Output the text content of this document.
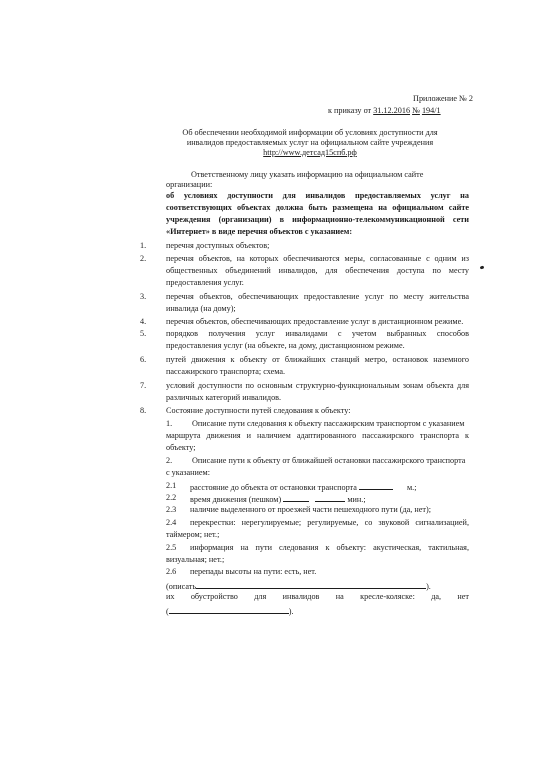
Приложение № 2
к приказу от 31.12.2016 № 194/1
Об обеспечении необходимой информации об условиях доступности для
инвалидов предоставляемых услуг на официальном сайте учреждения
http://www.детсад15спб.рф
Ответственному лицу указать информацию на официальном сайте
организации:
об условиях доступности для инвалидов предоставляемых услуг на
соответствующих объектах должна быть размещена на официальном сайте
учреждения (организации) в информационно-телекоммуникационной сети
«Интернет» в виде перечня объектов с указанием:
1. перечня доступных объектов;
2. перечня объектов, на которых обеспечиваются меры, согласованные с одним из
общественных объединений инвалидов, для обеспечения доступа по месту
предоставления услуг.
3. перечня объектов, обеспечивающих предоставление услуг по месту жительства
инвалида (на дому);
4. перечня объектов, обеспечивающих предоставление услуг в дистанционном режиме.
5. порядков получения услуг инвалидами с учетом выбранных способов
предоставления услуг (на объекте, на дому, дистанционном режиме.
6. путей движения к объекту от ближайших станций метро, остановок наземного
пассажирского транспорта; схема.
7. условий доступности по основным структурно-функциональным зонам объекта для
различных категорий инвалидов.
8. Состояние доступности путей следования к объекту:
1. Описание пути следования к объекту пассажирским транспортом с указанием
маршрута движения и наличием адаптированного пассажирского транспорта к
объекту;
2. Описание пути к объекту от ближайшей остановки пассажирского транспорта
с указанием:
2.1 расстояние до объекта от остановки транспорта	м.;
2.2 время движения (пешком)	мин.;
2.3 наличие выделенного от проезжей части пешеходного пути (да, нет);
2.4 перекрестки: нерегулируемые; регулируемые, со звуковой сигнализацией,
таймером; нет.;
2.5 информация на пути следования к объекту: акустическая, тактильная,
визуальная; нет.;
2.6 перепады высоты на пути: есть, нет.
(описать	).
их обустройство для инвалидов на кресле-коляске: да, нет
(	).
